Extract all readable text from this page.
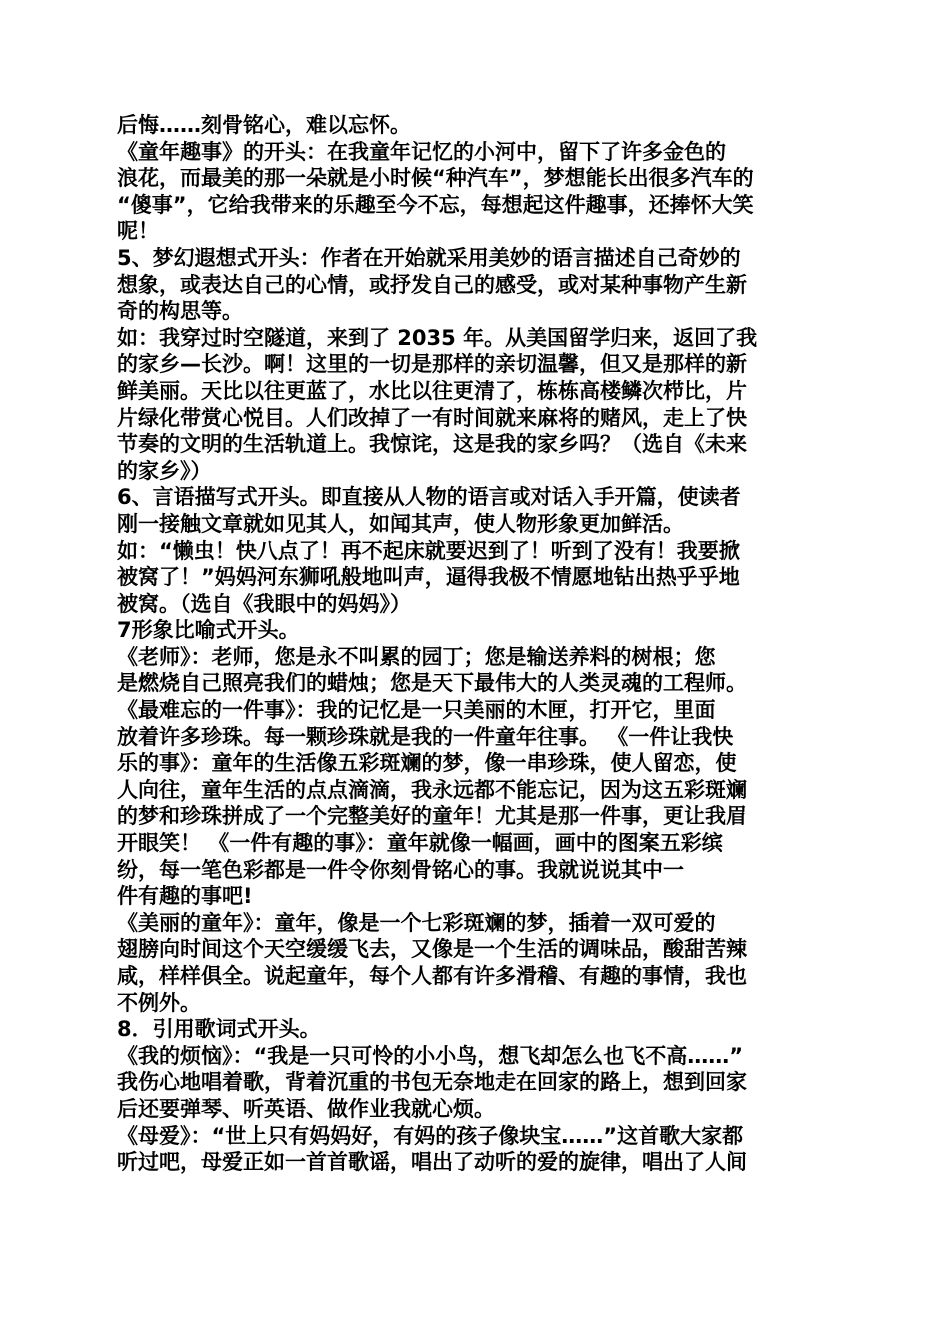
后悔……刻骨铭心，难以忘怀。
《童年趣事》的开头：在我童年记忆的小河中，留下了许多金色的
浪花，而最美的那一朵就是小时候“种汽车”，梦想能长出很多汽车的
“傻事”，它给我带来的乐趣至今不忘，每想起这件趣事，还捧怀大笑
呢！
5、梦幻遐想式开头：作者在开始就采用美妙的语言描述自己奇妙的
想象，或表达自己的心情，或抒发自己的感受，或对某种事物产生新
奇的构思等。
如：我穿过时空隧道，来到了 2035 年。从美国留学归来，返回了我
的家乡—长沙。啊！这里的一切是那样的亲切温馨，但又是那样的新
鲜美丽。天比以往更蓝了，水比以往更清了，栋栋高楼鳞次栉比，片
片绿化带赏心悦目。人们改掉了一有时间就来麻将的赌风，走上了快
节奏的文明的生活轨道上。我惊诧，这是我的家乡吗？（选自《未来
的家乡》）
6、言语描写式开头。即直接从人物的语言或对话入手开篇，使读者
刚一接触文章就如见其人，如闻其声，使人物形象更加鲜活。
如：“懒虫！快八点了！再不起床就要迟到了！听到了没有！我要掀
被窝了！”妈妈河东狮吼般地叫声，逼得我极不情愿地钻出热乎乎地
被窝。（选自《我眼中的妈妈》）
7形象比喻式开头。
《老师》：老师，您是永不叫累的园丁；您是输送养料的树根；您
是燃烧自己照亮我们的蜡烛；您是天下最伟大的人类灵魂的工程师。
《最难忘的一件事》：我的记忆是一只美丽的木匣，打开它，里面
放着许多珍珠。每一颗珍珠就是我的一件童年往事。 《一件让我快
乐的事》：童年的生活像五彩斑斓的梦，像一串珍珠，使人留恋，使
人向往，童年生活的点点滴滴，我永远都不能忘记，因为这五彩斑斓
的梦和珍珠拼成了一个完整美好的童年！尤其是那一件事，更让我眉
开眼笑！ 《一件有趣的事》：童年就像一幅画，画中的图案五彩缤
纷，每一笔色彩都是一件令你刻骨铭心的事。我就说说其中一
件有趣的事吧!
《美丽的童年》：童年，像是一个七彩斑斓的梦，插着一双可爱的
翅膀向时间这个天空缓缓飞去，又像是一个生活的调味品，酸甜苦辣
咸，样样俱全。说起童年，每个人都有许多滑稽、有趣的事情，我也
不例外。
8．引用歌词式开头。
《我的烦恼》：“我是一只可怜的小小鸟，想飞却怎么也飞不高……”
我伤心地唱着歌，背着沉重的书包无奈地走在回家的路上，想到回家
后还要弹琴、听英语、做作业我就心烦。
《母爱》：“世上只有妈妈好，有妈的孩子像块宝……”这首歌大家都
听过吧，母爱正如一首首歌谣，唱出了动听的爱的旋律，唱出了人间
